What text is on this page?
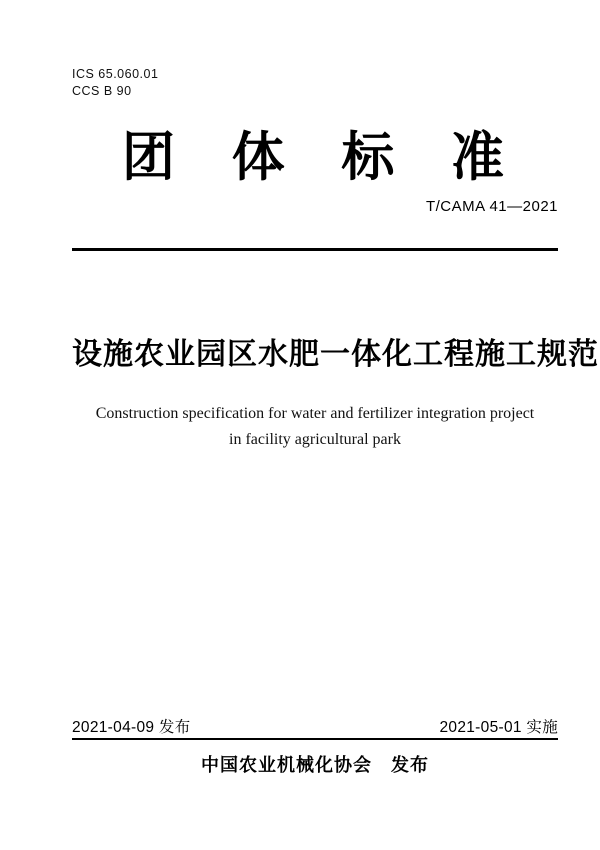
ICS 65.060.01
CCS B 90
团 体 标 准
T/CAMA 41—2021
设施农业园区水肥一体化工程施工规范
Construction specification for water and fertilizer integration project
in facility agricultural park
2021-04-09 发布	2021-05-01 实施
中国农业机械化协会　发布
